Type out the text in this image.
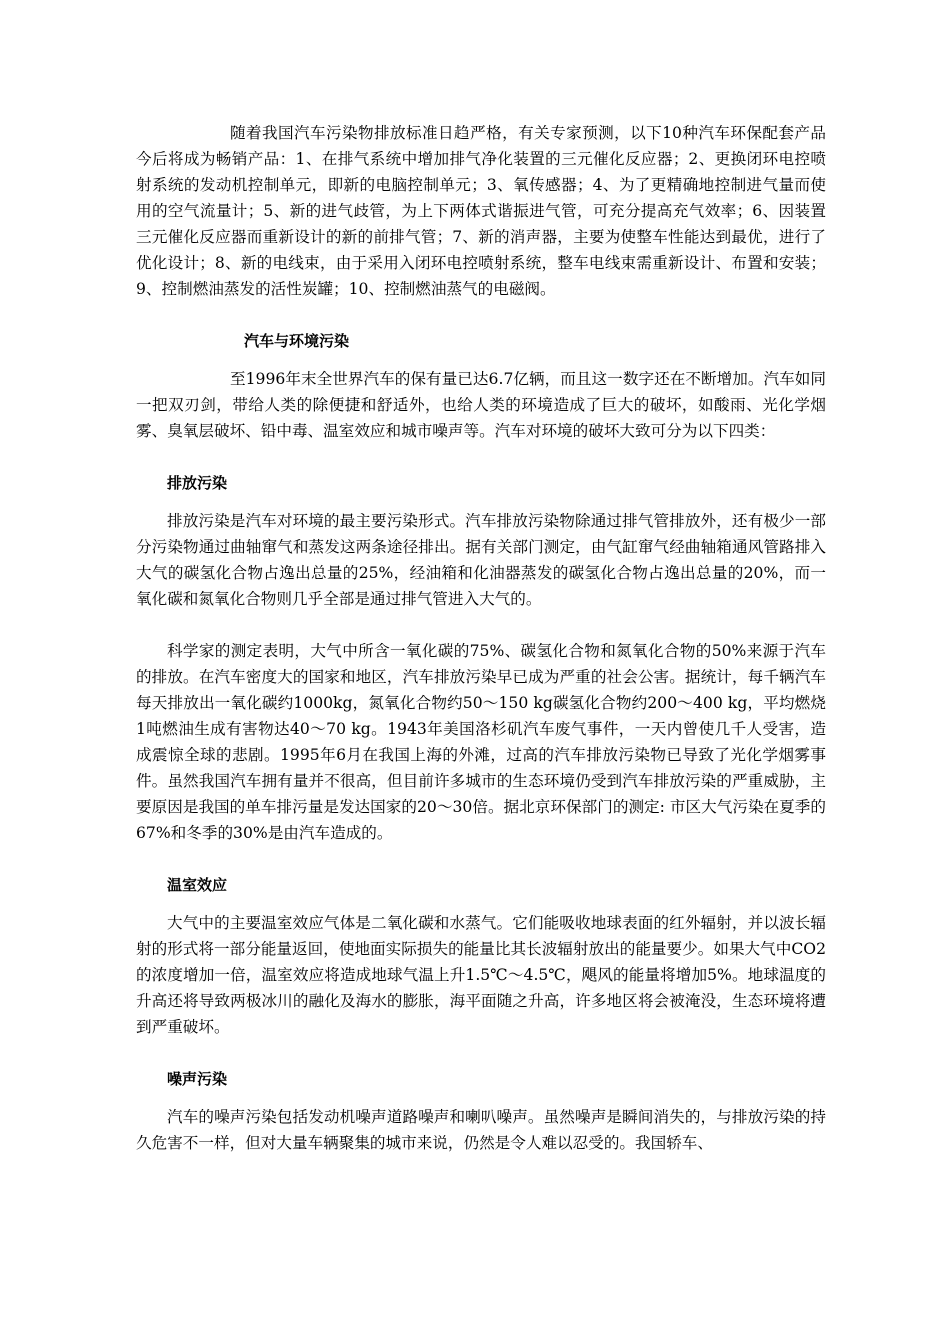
随着我国汽车污染物排放标准日趋严格，有关专家预测，以下10种汽车环保配套产品今后将成为畅销产品：1、在排气系统中增加排气净化装置的三元催化反应器；2、更换闭环电控喷射系统的发动机控制单元，即新的电脑控制单元；3、氧传感器；4、为了更精确地控制进气量而使用的空气流量计；5、新的进气歧管，为上下两体式谐振进气管，可充分提高充气效率；6、因装置三元催化反应器而重新设计的新的前排气管；7、新的消声器，主要为使整车性能达到最优，进行了优化设计；8、新的电线束，由于采用入闭环电控喷射系统，整车电线束需重新设计、布置和安装；9、控制燃油蒸发的活性炭罐；10、控制燃油蒸气的电磁阀。

汽车与环境污染

至1996年末全世界汽车的保有量已达6.7亿辆，而且这一数字还在不断增加。汽车如同一把双刃剑，带给人类的除便捷和舒适外，也给人类的环境造成了巨大的破坏，如酸雨、光化学烟雾、臭氧层破坏、铅中毒、温室效应和城市噪声等。汽车对环境的破坏大致可分为以下四类：

排放污染

排放污染是汽车对环境的最主要污染形式。汽车排放污染物除通过排气管排放外，还有极少一部分污染物通过曲轴窜气和蒸发这两条途径排出。据有关部门测定，由气缸窜气经曲轴箱通风管路排入大气的碳氢化合物占逸出总量的25%，经油箱和化油器蒸发的碳氢化合物占逸出总量的20%，而一氧化碳和氮氧化合物则几乎全部是通过排气管进入大气的。

科学家的测定表明，大气中所含一氧化碳的75%、碳氢化合物和氮氧化合物的50%来源于汽车的排放。在汽车密度大的国家和地区，汽车排放污染早已成为严重的社会公害。据统计，每千辆汽车每天排放出一氧化碳约1000kg，氮氧化合物约50～150 kg碳氢化合物约200～400 kg，平均燃烧1吨燃油生成有害物达40～70 kg。1943年美国洛杉矶汽车废气事件，一天内曾使几千人受害，造成震惊全球的悲剧。1995年6月在我国上海的外滩，过高的汽车排放污染物已导致了光化学烟雾事件。虽然我国汽车拥有量并不很高，但目前许多城市的生态环境仍受到汽车排放污染的严重威胁，主要原因是我国的单车排污量是发达国家的20～30倍。据北京环保部门的测定: 市区大气污染在夏季的67%和冬季的30%是由汽车造成的。

温室效应

大气中的主要温室效应气体是二氧化碳和水蒸气。它们能吸收地球表面的红外辐射，并以波长辐射的形式将一部分能量返回，使地面实际损失的能量比其长波辐射放出的能量要少。如果大气中CO2的浓度增加一倍，温室效应将造成地球气温上升1.5℃～4.5℃，飓风的能量将增加5%。地球温度的升高还将导致两极冰川的融化及海水的膨胀，海平面随之升高，许多地区将会被淹没，生态环境将遭到严重破坏。

噪声污染

汽车的噪声污染包括发动机噪声道路噪声和喇叭噪声。虽然噪声是瞬间消失的，与排放污染的持久危害不一样，但对大量车辆聚集的城市来说，仍然是令人难以忍受的。我国轿车、
